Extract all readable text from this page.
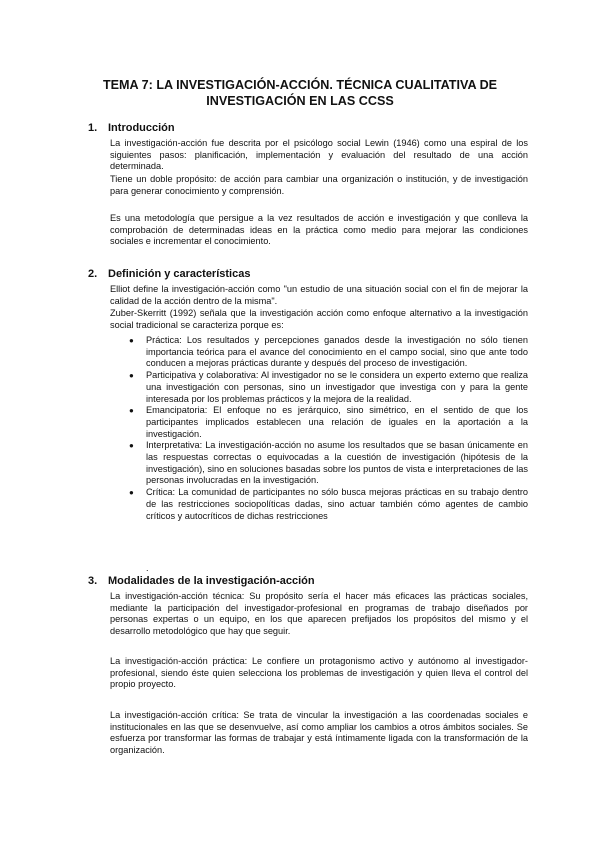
TEMA 7: LA INVESTIGACIÓN-ACCIÓN. TÉCNICA CUALITATIVA DE INVESTIGACIÓN EN LAS CCSS
1. Introducción

La investigación-acción fue descrita por el psicólogo social Lewin (1946) como una espiral de los siguientes pasos: planificación, implementación y evaluación del resultado de una acción determinada.

Tiene un doble propósito: de acción para cambiar una organización o institución, y de investigación para generar conocimiento y comprensión.

Es una metodología que persigue a la vez resultados de acción e investigación y que conlleva la comprobación de determinadas ideas en la práctica como medio para mejorar las condiciones sociales e incrementar el conocimiento.

2. Definición y características

Elliot define la investigación-acción como "un estudio de una situación social con el fin de mejorar la calidad de la acción dentro de la misma".

Zuber-Skerritt (1992) señala que la investigación acción como enfoque alternativo a la investigación social tradicional se caracteriza porque es:

● Práctica: Los resultados y percepciones ganados desde la investigación no sólo tienen importancia teórica para el avance del conocimiento en el campo social, sino que ante todo conducen a mejoras prácticas durante y después del proceso de investigación.
● Participativa y colaborativa: Al investigador no se le considera un experto externo que realiza una investigación con personas, sino un investigador que investiga con y para la gente interesada por los problemas prácticos y la mejora de la realidad.
● Emancipatoria: El enfoque no es jerárquico, sino simétrico, en el sentido de que los participantes implicados establecen una relación de iguales en la aportación a la investigación.
● Interpretativa: La investigación-acción no asume los resultados que se basan únicamente en las respuestas correctas o equivocadas a la cuestión de investigación (hipótesis de la investigación), sino en soluciones basadas sobre los puntos de vista e interpretaciones de las personas involucradas en la investigación.
● Crítica: La comunidad de participantes no sólo busca mejoras prácticas en su trabajo dentro de las restricciones sociopolíticas dadas, sino actuar también cómo agentes de cambio críticos y autocríticos de dichas restricciones
.
3. Modalidades de la investigación-acción

La investigación-acción técnica: Su propósito sería el hacer más eficaces las prácticas sociales, mediante la participación del investigador-profesional en programas de trabajo diseñados por personas expertas o un equipo, en los que aparecen prefijados los propósitos del mismo y el desarrollo metodológico que hay que seguir.

La investigación-acción práctica: Le confiere un protagonismo activo y autónomo al investigador-profesional, siendo éste quien selecciona los problemas de investigación y quien lleva el control del propio proyecto.

La investigación-acción crítica: Se trata de vincular la investigación a las coordenadas sociales e institucionales en las que se desenvuelve, así como ampliar los cambios a otros ámbitos sociales. Se esfuerza por transformar las formas de trabajar y está íntimamente ligada con la transformación de la organización.
